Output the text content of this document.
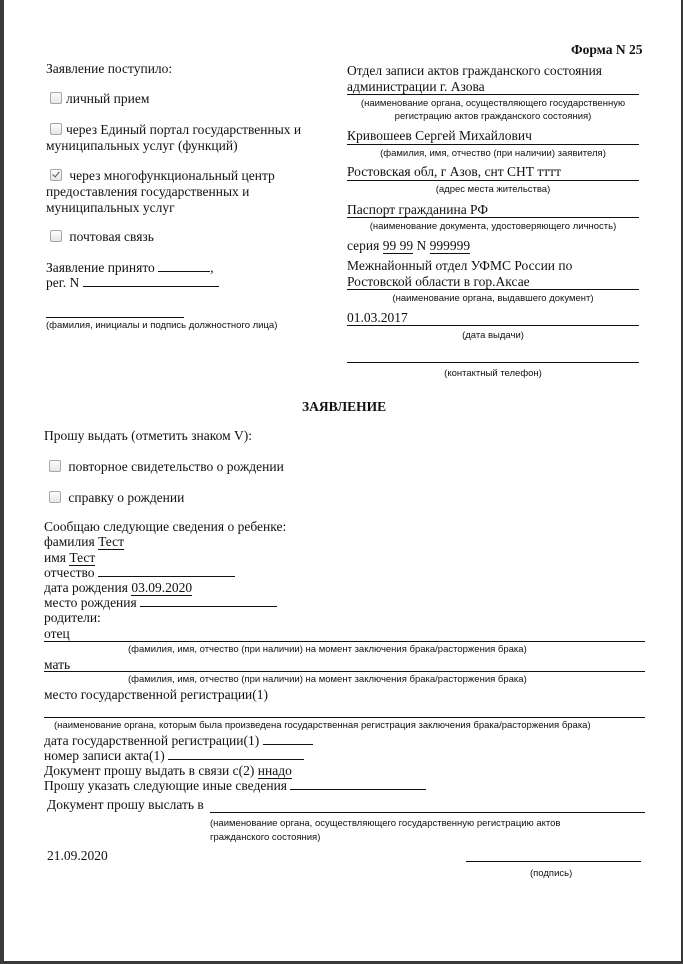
Форма N 25
Заявление поступило:
личный прием
через Единый портал государственных и
муниципальных услуг (функций)
через многофункциональный центр
предоставления государственных и
муниципальных услуг
почтовая связь
Заявление принято	,
рег. N
(фамилия, инициалы и подпись должностного лица)
Отдел записи актов гражданского состояния
администрации г. Азова
(наименование органа, осуществляющего государственную
регистрацию актов гражданского состояния)
Кривошеев Сергей Михайлович
(фамилия, имя, отчество (при наличии) заявителя)
Ростовская обл, г Азов, снт СНТ тттт
(адрес места жительства)
Паспорт гражданина РФ
(наименование документа, удостоверяющего личность)
серия 99 99 N 999999
Межнайонный отдел УФМС России по
Ростовской области в гор.Аксае
(наименование органа, выдавшего документ)
01.03.2017
(дата выдачи)
(контактный телефон)
ЗАЯВЛЕНИЕ
Прошу выдать (отметить знаком V):
повторное свидетельство о рождении
справку о рождении
Сообщаю следующие сведения о ребенке:
фамилия Тест
имя Тест
отчество
дата рождения 03.09.2020
место рождения
родители:
отец
(фамилия, имя, отчество (при наличии) на момент заключения брака/расторжения брака)
мать
(фамилия, имя, отчество (при наличии) на момент заключения брака/расторжения брака)
место государственной регистрации(1)
(наименование органа, которым была произведена государственная регистрация заключения брака/расторжения брака)
дата государственной регистрации(1)
номер записи акта(1)
Документ прошу выдать в связи с(2) ннадо
Прошу указать следующие иные сведения
Документ прошу выслать в
(наименование органа, осуществляющего государственную регистрацию актов
гражданского состояния)
21.09.2020
(подпись)
